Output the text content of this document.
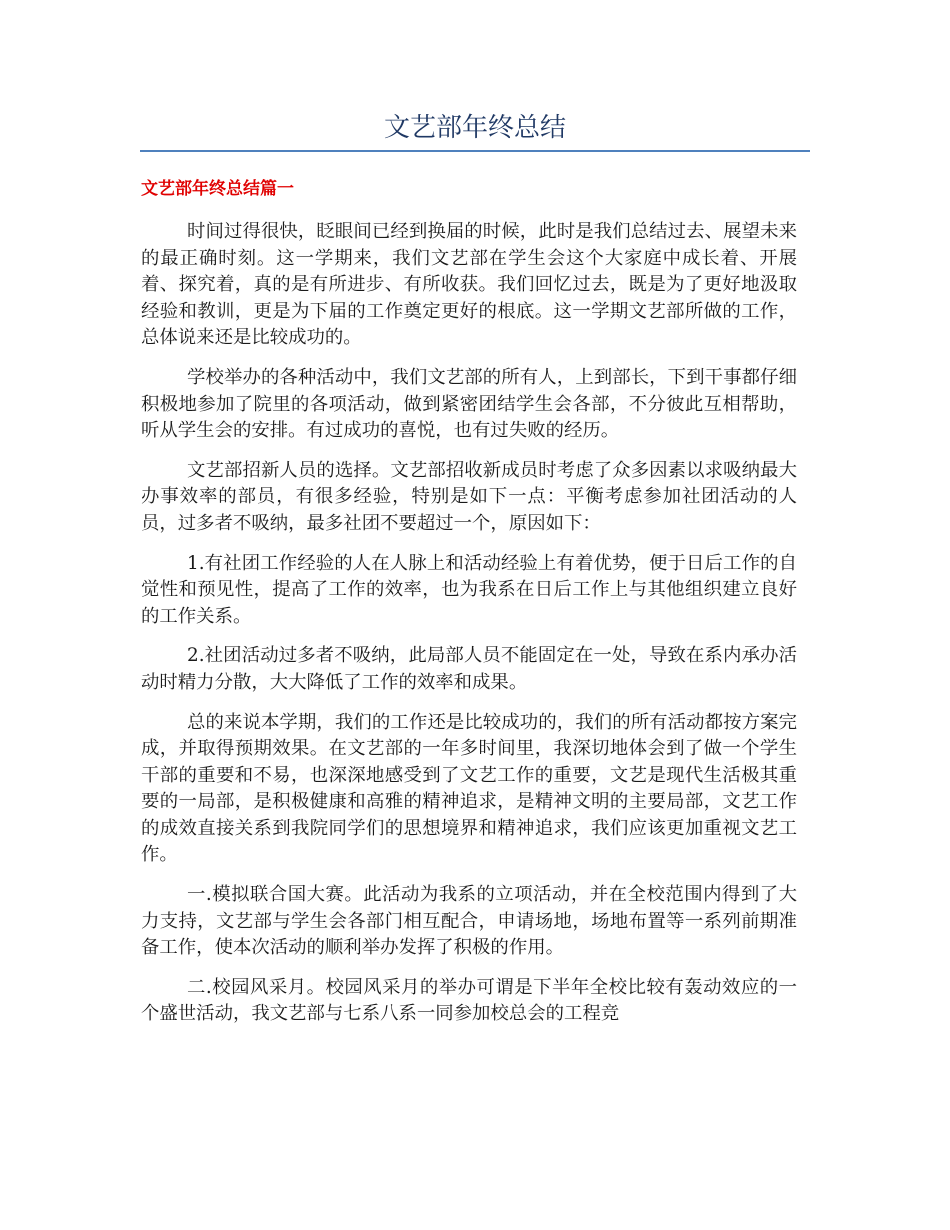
文艺部年终总结
文艺部年终总结篇一

时间过得很快，眨眼间已经到换届的时候，此时是我们总结过去、展望未来的最正确时刻。这一学期来，我们文艺部在学生会这个大家庭中成长着、开展着、探究着，真的是有所进步、有所收获。我们回忆过去，既是为了更好地汲取经验和教训，更是为下届的工作奠定更好的根底。这一学期文艺部所做的工作，总体说来还是比较成功的。

学校举办的各种活动中，我们文艺部的所有人，上到部长，下到干事都仔细积极地参加了院里的各项活动，做到紧密团结学生会各部，不分彼此互相帮助，听从学生会的安排。有过成功的喜悦，也有过失败的经历。

文艺部招新人员的选择。文艺部招收新成员时考虑了众多因素以求吸纳最大办事效率的部员，有很多经验，特别是如下一点：平衡考虑参加社团活动的人员，过多者不吸纳，最多社团不要超过一个，原因如下：

1.有社团工作经验的人在人脉上和活动经验上有着优势，便于日后工作的自觉性和预见性，提高了工作的效率，也为我系在日后工作上与其他组织建立良好的工作关系。

2.社团活动过多者不吸纳，此局部人员不能固定在一处，导致在系内承办活动时精力分散，大大降低了工作的效率和成果。

总的来说本学期，我们的工作还是比较成功的，我们的所有活动都按方案完成，并取得预期效果。在文艺部的一年多时间里，我深切地体会到了做一个学生干部的重要和不易，也深深地感受到了文艺工作的重要，文艺是现代生活极其重要的一局部，是积极健康和高雅的精神追求，是精神文明的主要局部，文艺工作的成效直接关系到我院同学们的思想境界和精神追求，我们应该更加重视文艺工作。

一.模拟联合国大赛。此活动为我系的立项活动，并在全校范围内得到了大力支持，文艺部与学生会各部门相互配合，申请场地，场地布置等一系列前期准备工作，使本次活动的顺利举办发挥了积极的作用。

二.校园风采月。校园风采月的举办可谓是下半年全校比较有轰动效应的一个盛世活动，我文艺部与七系八系一同参加校总会的工程竞
